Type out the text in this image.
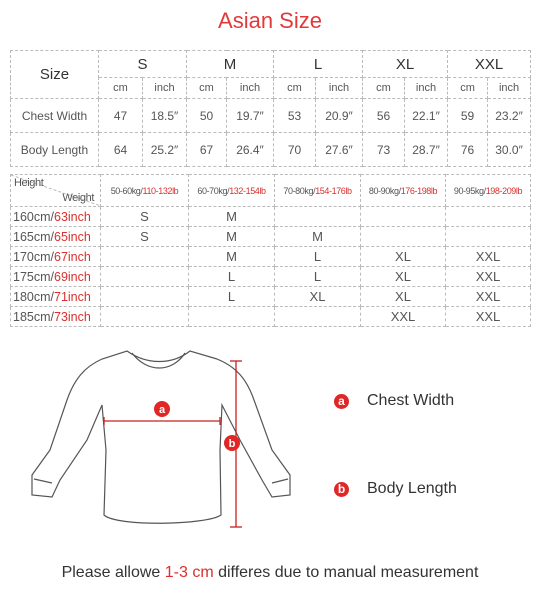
Asian Size
Size	S		M		L		XL		XXL	
	cm	inch	cm	inch	cm	inch	cm	inch	cm	inch
Chest Width	47	18.5″	50	19.7″	53	20.9″	56	22.1″	59	23.2″
Body Length	64	25.2″	67	26.4″	70	27.6″	73	28.7″	76	30.0″
Height
Weight	50-60kg/110-132lb	60-70kg/132-154lb	70-80kg/154-176lb	80-90kg/176-198lb	90-95kg/198-209lb
160cm/63inch	S	M			
165cm/65inch	S	M	M		
170cm/67inch		M	L	XL	XXL
175cm/69inch		L	L	XL	XXL
180cm/71inch		L	XL	XL	XXL
185cm/73inch				XXL	XXL
a
b
a Chest Width
b Body Length
Please allowe 1-3 cm differes due to manual measurement
